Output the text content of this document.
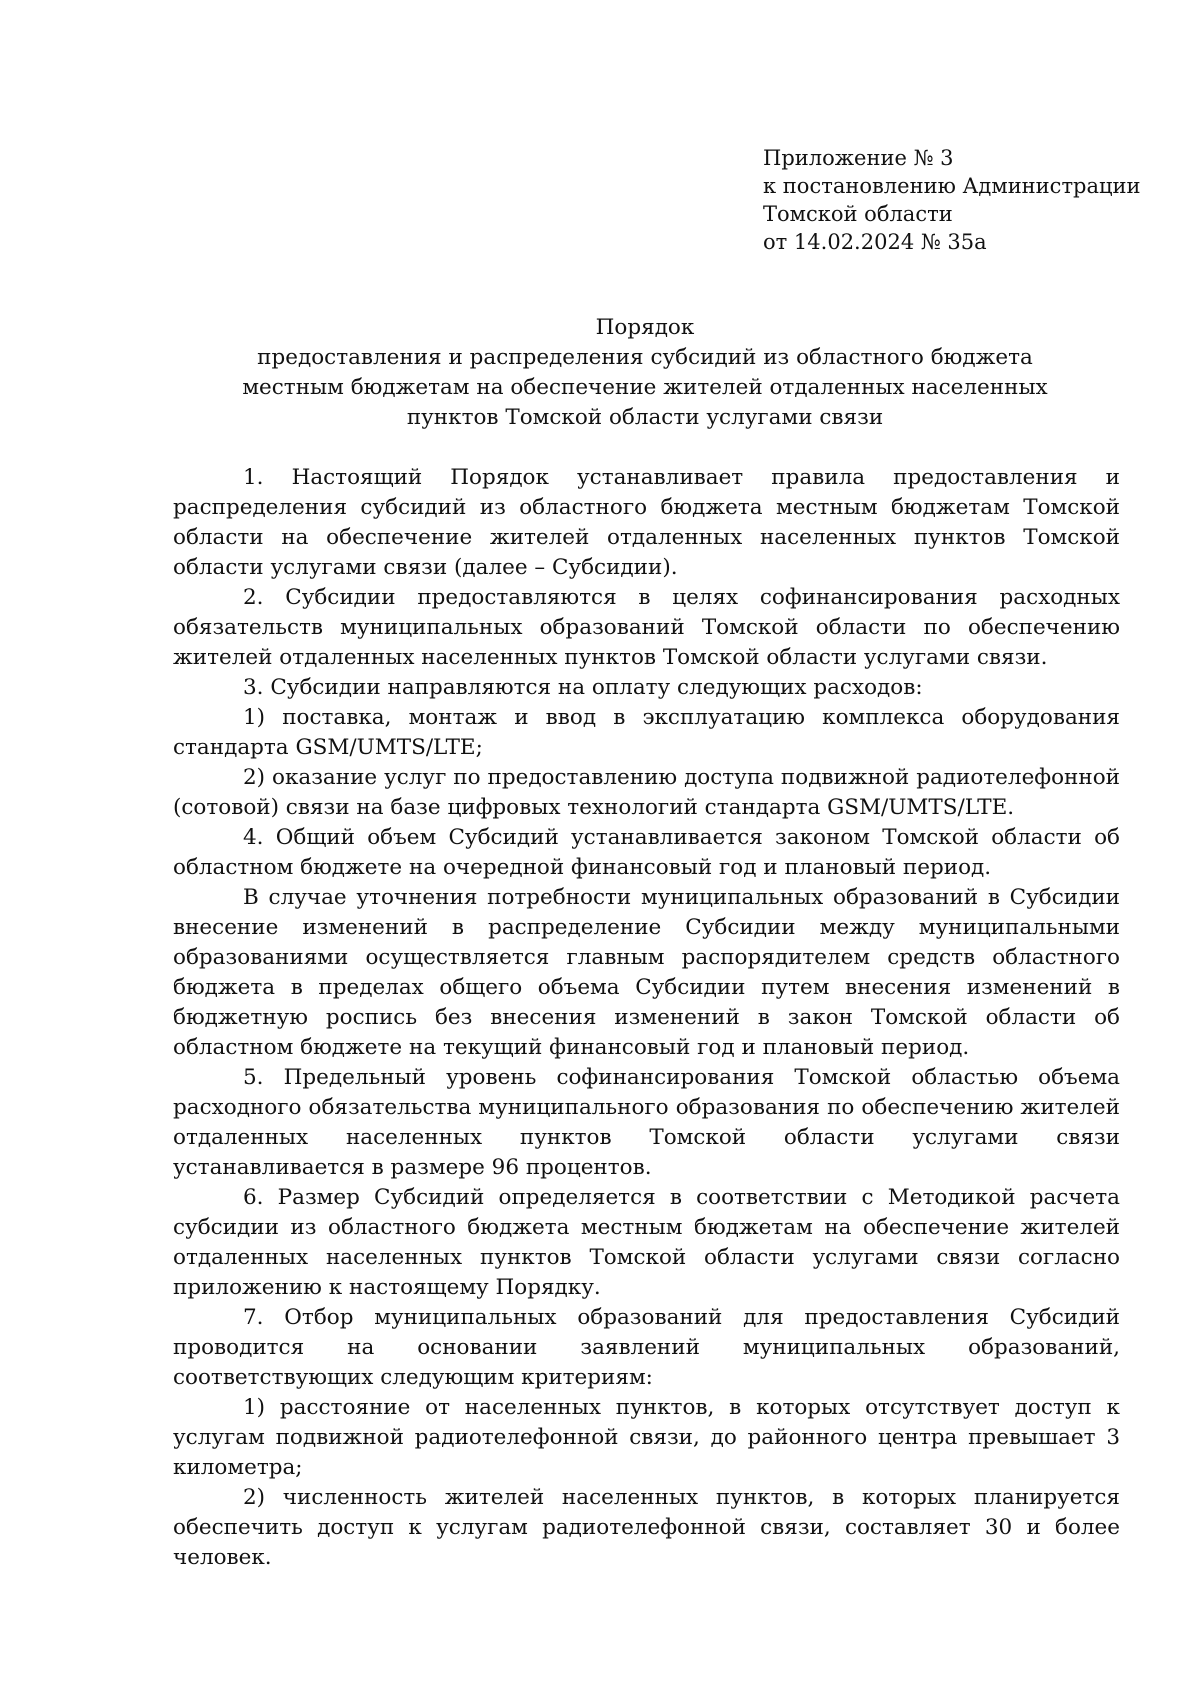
Приложение № 3
к постановлению Администрации
Томской области
от 14.02.2024 № 35а
Порядок
предоставления и распределения субсидий из областного бюджета
местным бюджетам на обеспечение жителей отдаленных населенных
пунктов Томской области услугами связи

1. Настоящий Порядок устанавливает правила предоставления и распределения субсидий из областного бюджета местным бюджетам Томской области на обеспечение жителей отдаленных населенных пунктов Томской области услугами связи (далее – Субсидии).

2. Субсидии предоставляются в целях софинансирования расходных обязательств муниципальных образований Томской области по обеспечению жителей отдаленных населенных пунктов Томской области услугами связи.

3. Субсидии направляются на оплату следующих расходов:

1) поставка, монтаж и ввод в эксплуатацию комплекса оборудования стандарта GSM/UMTS/LTE;

2) оказание услуг по предоставлению доступа подвижной радиотелефонной (сотовой) связи на базе цифровых технологий стандарта GSM/UMTS/LTE.

4. Общий объем Субсидий устанавливается законом Томской области об областном бюджете на очередной финансовый год и плановый период.

В случае уточнения потребности муниципальных образований в Субсидии внесение изменений в распределение Субсидии между муниципальными образованиями осуществляется главным распорядителем средств областного бюджета в пределах общего объема Субсидии путем внесения изменений в бюджетную роспись без внесения изменений в закон Томской области об областном бюджете на текущий финансовый год и плановый период.

5. Предельный уровень софинансирования Томской областью объема расходного обязательства муниципального образования по обеспечению жителей отдаленных населенных пунктов Томской области услугами связи устанавливается в размере 96 процентов.

6. Размер Субсидий определяется в соответствии с Методикой расчета субсидии из областного бюджета местным бюджетам на обеспечение жителей отдаленных населенных пунктов Томской области услугами связи согласно приложению к настоящему Порядку.

7. Отбор муниципальных образований для предоставления Субсидий проводится на основании заявлений муниципальных образований, соответствующих следующим критериям:

1) расстояние от населенных пунктов, в которых отсутствует доступ к услугам подвижной радиотелефонной связи, до районного центра превышает 3 километра;

2) численность жителей населенных пунктов, в которых планируется обеспечить доступ к услугам радиотелефонной связи, составляет 30 и более человек.
